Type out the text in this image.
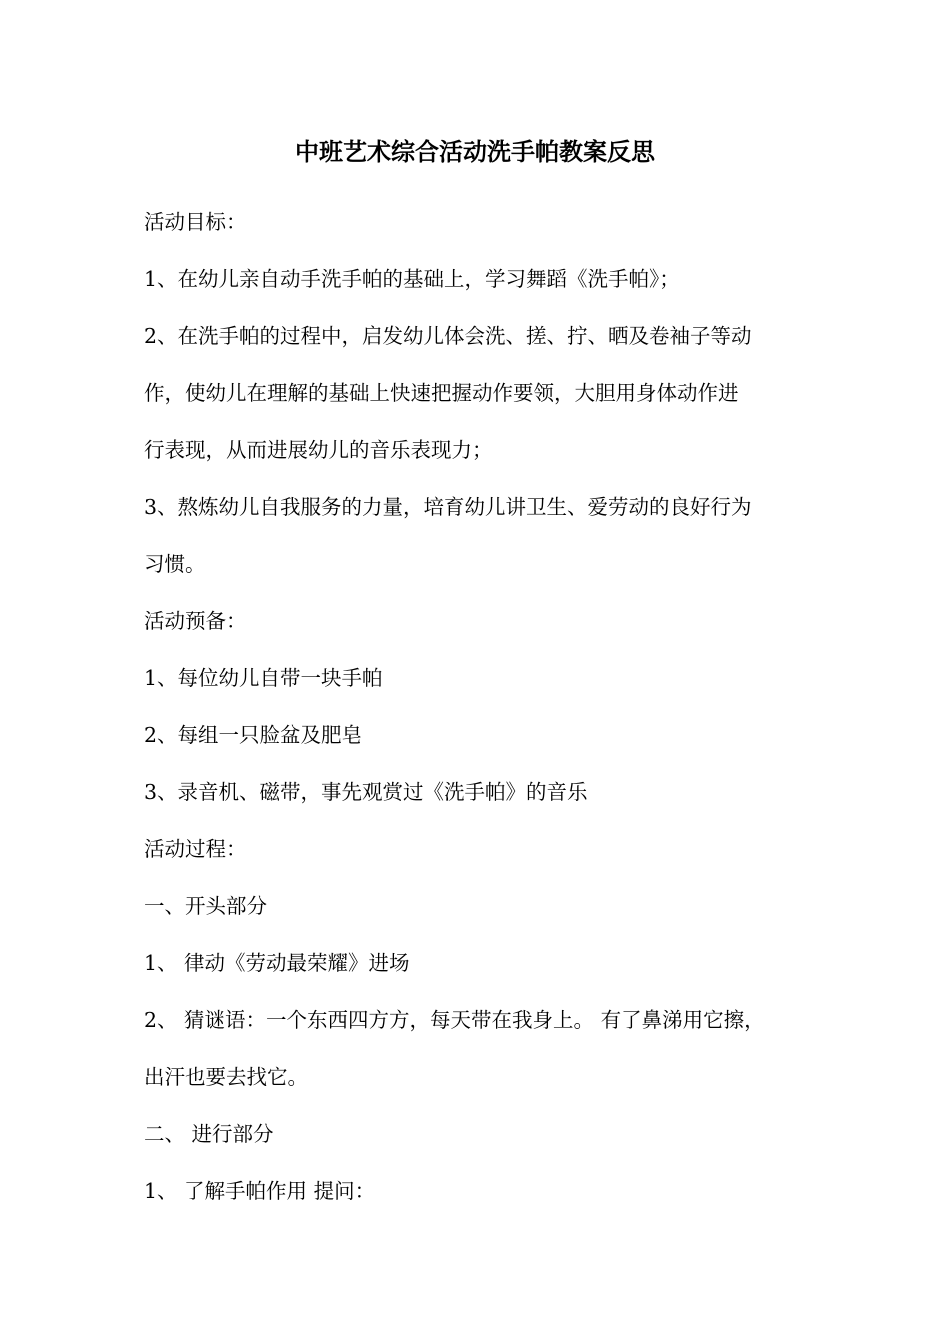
中班艺术综合活动洗手帕教案反思
活动目标：
1、在幼儿亲自动手洗手帕的基础上，学习舞蹈《洗手帕》；
2、在洗手帕的过程中，启发幼儿体会洗、搓、拧、晒及卷袖子等动
作，使幼儿在理解的基础上快速把握动作要领，大胆用身体动作进
行表现，从而进展幼儿的音乐表现力；
3、熬炼幼儿自我服务的力量，培育幼儿讲卫生、爱劳动的良好行为
习惯。
活动预备：
1、每位幼儿自带一块手帕
2、每组一只脸盆及肥皂
3、录音机、磁带，事先观赏过《洗手帕》的音乐
活动过程：
一、开头部分
1、 律动《劳动最荣耀》进场
2、 猜谜语：一个东西四方方，每天带在我身上。 有了鼻涕用它擦，
出汗也要去找它。
二、 进行部分
1、 了解手帕作用 提问：
